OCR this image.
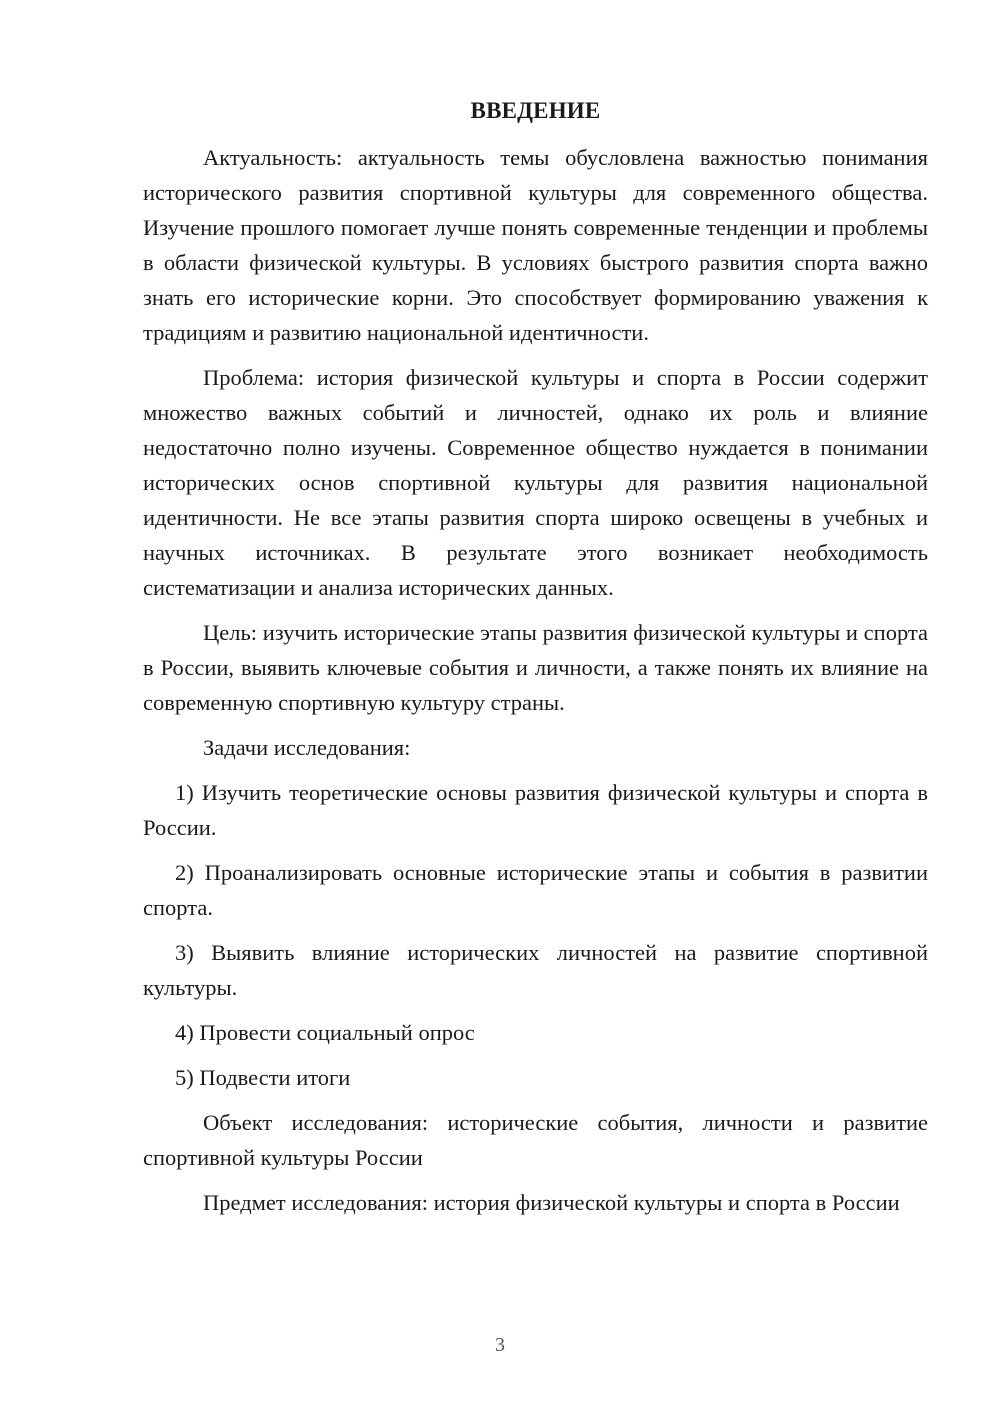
ВВЕДЕНИЕ

Актуальность: актуальность темы обусловлена важностью понимания исторического развития спортивной культуры для современного общества. Изучение прошлого помогает лучше понять современные тенденции и проблемы в области физической культуры. В условиях быстрого развития спорта важно знать его исторические корни. Это способствует формированию уважения к традициям и развитию национальной идентичности.

Проблема: история физической культуры и спорта в России содержит множество важных событий и личностей, однако их роль и влияние недостаточно полно изучены. Современное общество нуждается в понимании исторических основ спортивной культуры для развития национальной идентичности. Не все этапы развития спорта широко освещены в учебных и научных источниках. В результате этого возникает необходимость систематизации и анализа исторических данных.

Цель: изучить исторические этапы развития физической культуры и спорта в России, выявить ключевые события и личности, а также понять их влияние на современную спортивную культуру страны.

Задачи исследования:

1) Изучить теоретические основы развития физической культуры и спорта в России.

2) Проанализировать основные исторические этапы и события в развитии спорта.

3) Выявить влияние исторических личностей на развитие спортивной культуры.

4) Провести социальный опрос

5) Подвести итоги

Объект исследования: исторические события, личности и развитие спортивной культуры России

Предмет исследования: история физической культуры и спорта в России

3
